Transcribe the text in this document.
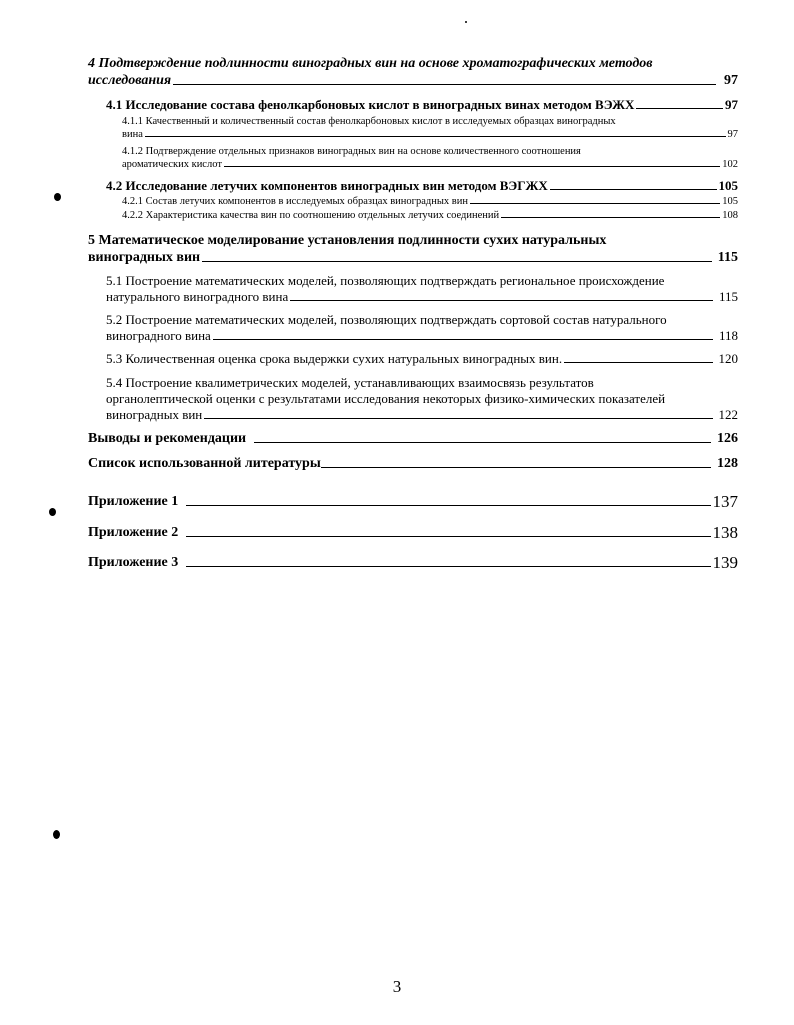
4 Подтверждение подлинности виноградных вин на основе хроматографических методов
исследования	97
4.1 Исследование состава фенолкарбоновых кислот в виноградных винах методом ВЭЖХ	97
4.1.1 Качественный и количественный состав фенолкарбоновых кислот в исследуемых образцах виноградных
вина	97
4.1.2 Подтверждение отдельных признаков виноградных вин на основе количественного соотношения
ароматических кислот	102
4.2 Исследование летучих компонентов виноградных вин методом ВЭГЖХ	105
4.2.1 Состав летучих компонентов в исследуемых образцах виноградных вин	105
4.2.2 Характеристика качества вин по соотношению отдельных летучих соединений	108
5 Математическое моделирование установления подлинности сухих натуральных
виноградных вин	115
5.1 Построение математических моделей, позволяющих подтверждать региональное происхождение
натурального виноградного вина	115
5.2 Построение математических моделей, позволяющих подтверждать сортовой состав натурального
виноградного вина	118
5.3 Количественная оценка срока выдержки сухих натуральных виноградных вин.	120
5.4 Построение квалиметрических моделей, устанавливающих взаимосвязь результатов
органолептической оценки с результатами исследования некоторых физико-химических показателей
виноградных вин	122
Выводы и рекомендации	126
Список использованной литературы	128
Приложение 1	137
Приложение 2	138
Приложение 3	139
3
